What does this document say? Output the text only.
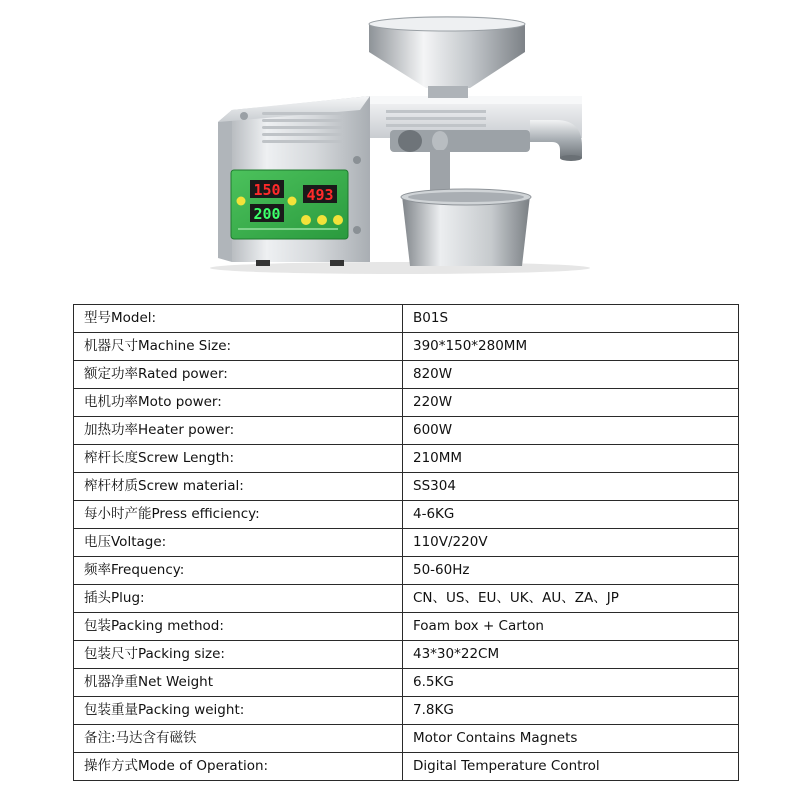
150
200
493
型号Model:	B01S
机器尺寸Machine Size:	390*150*280MM
额定功率Rated power:	820W
电机功率Moto power:	220W
加热功率Heater power:	600W
榨杆长度Screw Length:	210MM
榨杆材质Screw material:	SS304
每小时产能Press efficiency:	4-6KG
电压Voltage:	110V/220V
频率Frequency:	50-60Hz
插头Plug:	CN、US、EU、UK、AU、ZA、JP
包装Packing method:	Foam box + Carton
包装尺寸Packing size:	43*30*22CM
机器净重Net Weight	6.5KG
包装重量Packing weight:	7.8KG
备注:马达含有磁铁	Motor Contains Magnets
操作方式Mode of Operation:	Digital Temperature Control
